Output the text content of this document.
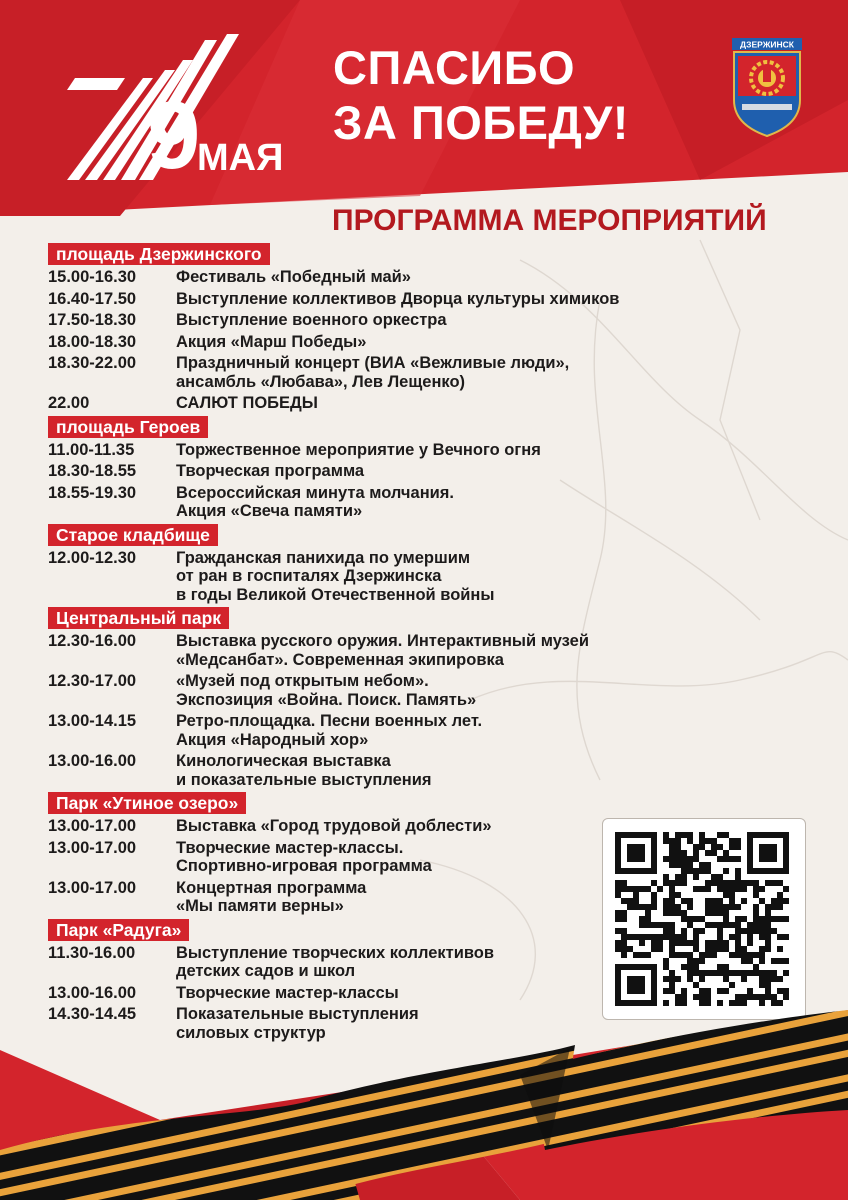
9
МАЯ
СПАСИБО
ЗА ПОБЕДУ!
ДЗЕРЖИНСК
ПРОГРАММА МЕРОПРИЯТИЙ
площадь Дзержинского
15.00-16.30	Фестиваль «Победный май»
16.40-17.50	Выступление коллективов Дворца культуры химиков
17.50-18.30	Выступление военного оркестра
18.00-18.30	Акция «Марш Победы»
18.30-22.00	Праздничный концерт (ВИА «Вежливые люди»,
ансамбль «Любава», Лев Лещенко)
22.00	САЛЮТ ПОБЕДЫ
площадь Героев
11.00-11.35	Торжественное мероприятие у Вечного огня
18.30-18.55	Творческая программа
18.55-19.30	Всероссийская минута молчания.
Акция «Свеча памяти»
Старое кладбище
12.00-12.30	Гражданская панихида по умершим
от ран в госпиталях Дзержинска
в годы Великой Отечественной войны
Центральный парк
12.30-16.00	Выставка русского оружия. Интерактивный музей
«Медсанбат». Современная экипировка
12.30-17.00	«Музей под открытым небом».
Экспозиция «Война. Поиск. Память»
13.00-14.15	Ретро-площадка. Песни военных лет.
Акция «Народный хор»
13.00-16.00	Кинологическая выставка
и показательные выступления
Парк «Утиное озеро»
13.00-17.00	Выставка «Город трудовой доблести»
13.00-17.00	Творческие мастер-классы.
Спортивно-игровая программа
13.00-17.00	Концертная программа
«Мы памяти верны»
Парк «Радуга»
11.30-16.00	Выступление творческих коллективов
детских садов и школ
13.00-16.00	Творческие мастер-классы
14.30-14.45	Показательные выступления
силовых структур
